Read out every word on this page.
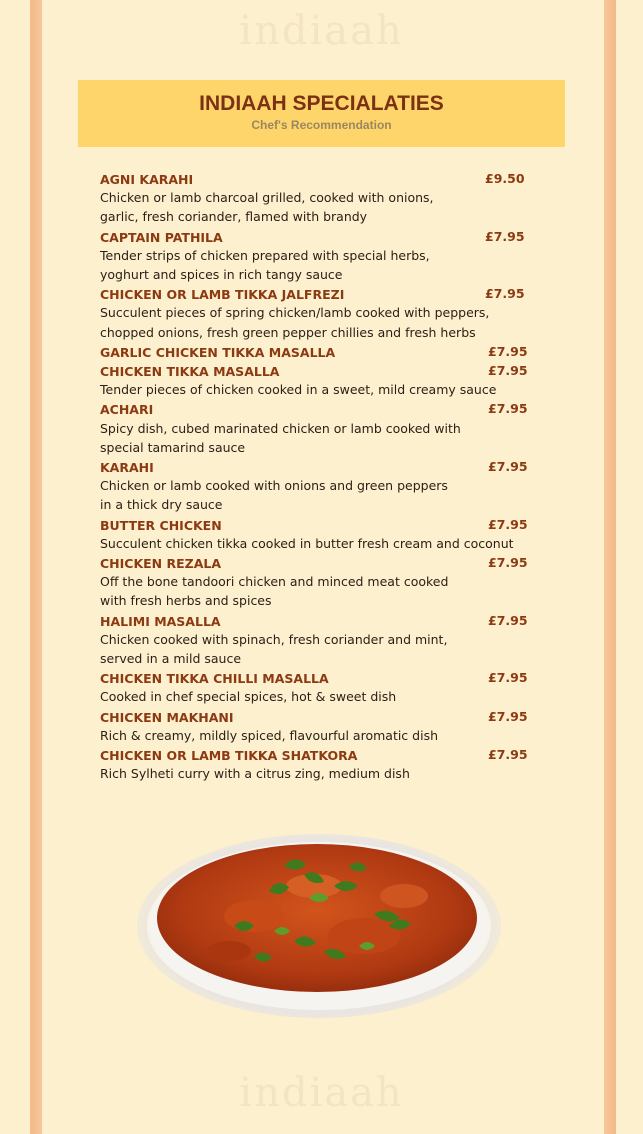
indiaah
INDIAAH SPECIALATIES
Chef's Recommendation
AGNI KARAHI	£9.50
Chicken or lamb charcoal grilled, cooked with onions,
garlic, fresh coriander, flamed with brandy
CAPTAIN PATHILA	£7.95
Tender strips of chicken prepared with special herbs,
yoghurt and spices in rich tangy sauce
CHICKEN OR LAMB TIKKA JALFREZI	£7.95
Succulent pieces of spring chicken/lamb cooked with peppers,
chopped onions, fresh green pepper chillies and fresh herbs
GARLIC CHICKEN TIKKA MASALLA	£7.95
CHICKEN TIKKA MASALLA	£7.95
Tender pieces of chicken cooked in a sweet, mild creamy sauce
ACHARI	£7.95
Spicy dish, cubed marinated chicken or lamb cooked with
special tamarind sauce
KARAHI	£7.95
Chicken or lamb cooked with onions and green peppers
in a thick dry sauce
BUTTER CHICKEN	£7.95
Succulent chicken tikka cooked in butter fresh cream and coconut
CHICKEN REZALA	£7.95
Off the bone tandoori chicken and minced meat cooked
with fresh herbs and spices
HALIMI MASALLA	£7.95
Chicken cooked with spinach, fresh coriander and mint,
served in a mild sauce
CHICKEN TIKKA CHILLI MASALLA	£7.95
Cooked in chef special spices, hot & sweet dish
CHICKEN MAKHANI	£7.95
Rich & creamy, mildly spiced, flavourful aromatic dish
CHICKEN OR LAMB TIKKA SHATKORA	£7.95
Rich Sylheti curry with a citrus zing, medium dish
indiaah
